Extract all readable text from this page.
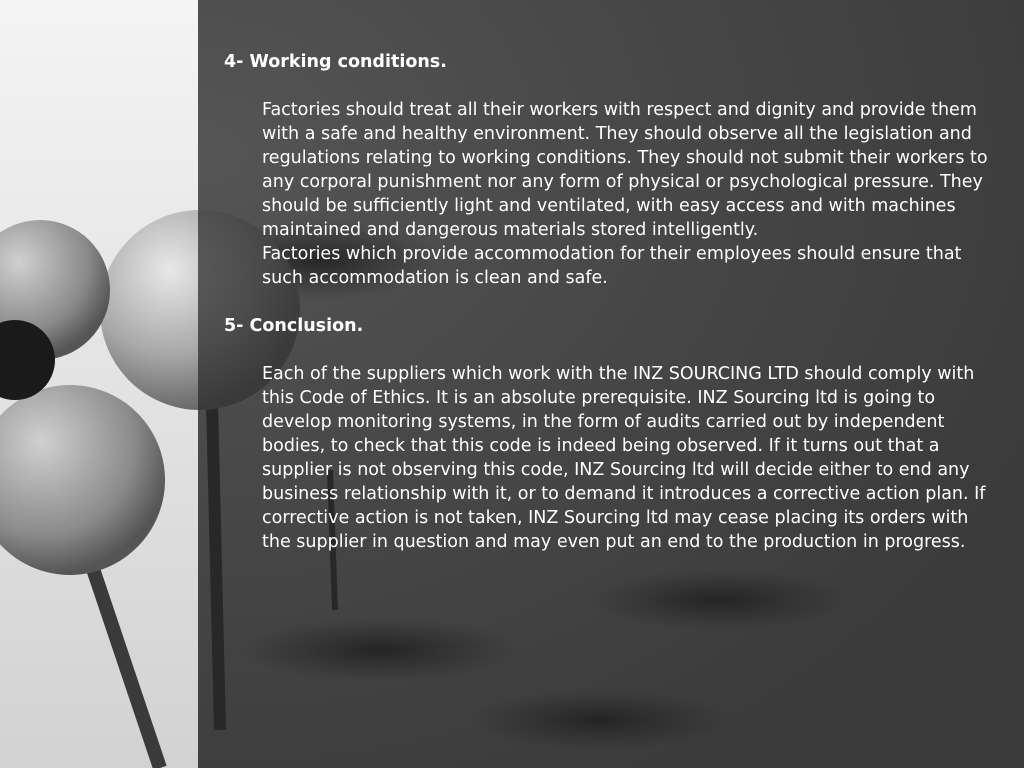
4- Working conditions.

Factories should treat all their workers with respect and dignity and provide them with a safe and healthy environment. They should observe all the legislation and regulations relating to working conditions. They should not submit their workers to any corporal punishment nor any form of physical or psychological pressure. They should be sufficiently light and ventilated, with easy access and with machines maintained and dangerous materials stored intelligently.

Factories which provide accommodation for their employees should ensure that such accommodation is clean and safe.

5- Conclusion.

Each of the suppliers which work with the INZ SOURCING LTD should comply with this Code of Ethics. It is an absolute prerequisite. INZ Sourcing ltd is going to develop monitoring systems, in the form of audits carried out by independent bodies, to check that this code is indeed being observed. If it turns out that a supplier is not observing this code, INZ Sourcing ltd will decide either to end any business relationship with it, or to demand it introduces a corrective action plan. If corrective action is not taken, INZ Sourcing ltd may cease placing its orders with the supplier in question and may even put an end to the production in progress.
